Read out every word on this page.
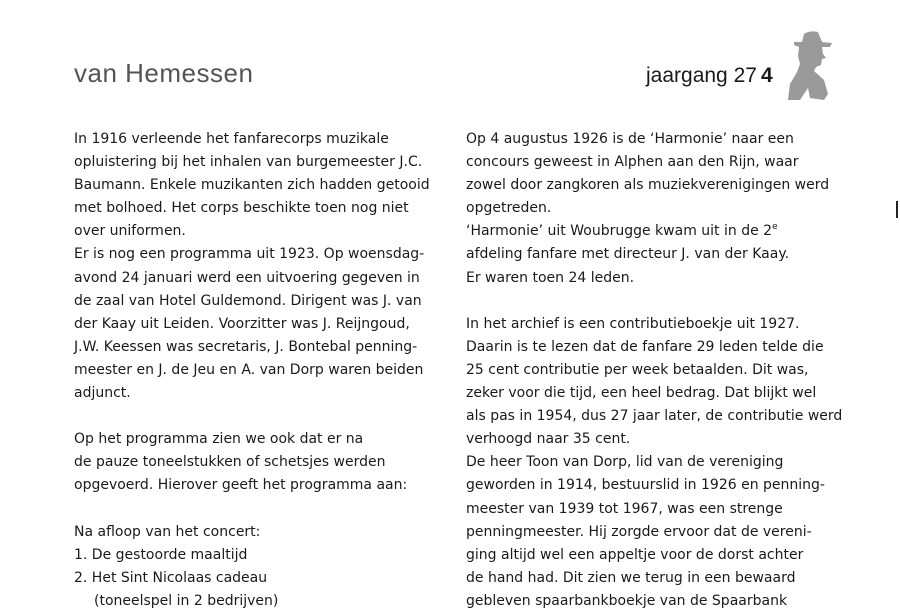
van Hemessen	jaargang 27 4
In 1916 verleende het fanfarecorps muzikale
opluistering bij het inhalen van burgemeester J.C.
Baumann. Enkele muzikanten zich hadden getooid
met bolhoed. Het corps beschikte toen nog niet
over uniformen.
Er is nog een programma uit 1923. Op woensdag-
avond 24 januari werd een uitvoering gegeven in
de zaal van Hotel Guldemond. Dirigent was J. van
der Kaay uit Leiden. Voorzitter was J. Reijngoud,
J.W. Keessen was secretaris, J. Bontebal penning-
meester en J. de Jeu en A. van Dorp waren beiden
adjunct.
Op het programma zien we ook dat er na
de pauze toneelstukken of schetsjes werden
opgevoerd. Hierover geeft het programma aan:
Na afloop van het concert:
1. De gestoorde maaltijd
2. Het Sint Nicolaas cadeau
(toneelspel in 2 bedrijven)
Op 4 augustus 1926 is de ‘Harmonie’ naar een
concours geweest in Alphen aan den Rijn, waar
zowel door zangkoren als muziekverenigingen werd
opgetreden.
‘Harmonie’ uit Woubrugge kwam uit in de 2e
afdeling fanfare met directeur J. van der Kaay.
Er waren toen 24 leden.
In het archief is een contributieboekje uit 1927.
Daarin is te lezen dat de fanfare 29 leden telde die
25 cent contributie per week betaalden. Dit was,
zeker voor die tijd, een heel bedrag. Dat blijkt wel
als pas in 1954, dus 27 jaar later, de contributie werd
verhoogd naar 35 cent.
De heer Toon van Dorp, lid van de vereniging
geworden in 1914, bestuurslid in 1926 en penning-
meester van 1939 tot 1967, was een strenge
penningmeester. Hij zorgde ervoor dat de vereni-
ging altijd wel een appeltje voor de dorst achter
de hand had. Dit zien we terug in een bewaard
gebleven spaarbankboekje van de Spaarbank
